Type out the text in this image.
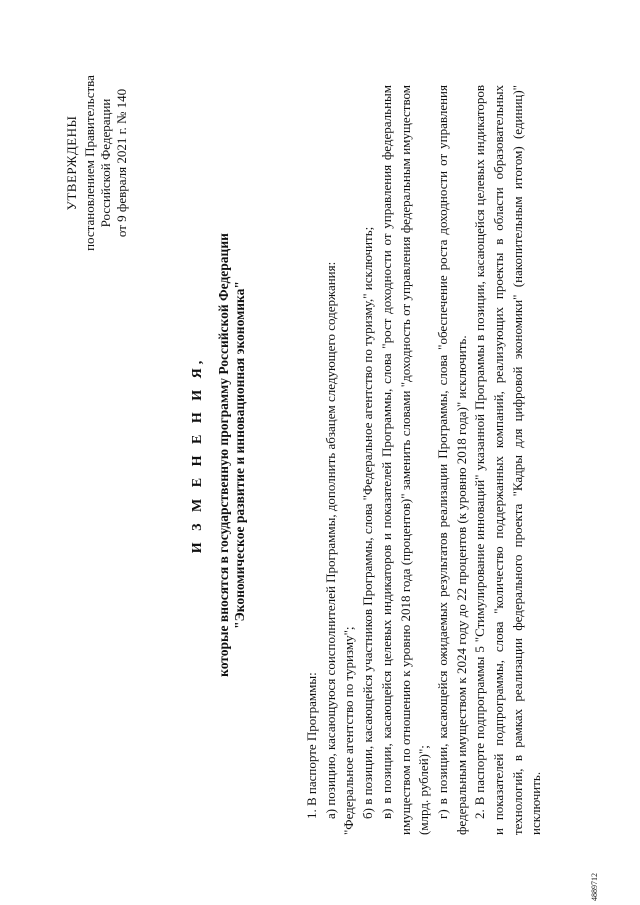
УТВЕРЖДЕНЫ постановлением Правительства Российской Федерации от 9 февраля 2021 г. № 140
И З М Е Н Е Н И Я, которые вносятся в государственную программу Российской Федерации "Экономическое развитие и инновационная экономика"

1. В паспорте Программы: а) позицию, касающуюся соисполнителей Программы, дополнить абзацем следующего содержания: "Федеральное агентство по туризму"; б) в позиции, касающейся участников Программы, слова "Федеральное агентство по туризму," исключить; в) в позиции, касающейся целевых индикаторов и показателей Программы, слова "рост доходности от управления федеральным имуществом по отношению к уровню 2018 года (процентов)" заменить словами "доходность от управления федеральным имуществом (млрд. рублей)"; г) в позиции, касающейся ожидаемых результатов реализации Программы, слова "обеспечение роста доходности от управления федеральным имуществом к 2024 году до 22 процентов (к уровню 2018 года)" исключить. 2. В паспорте подпрограммы 5 "Стимулирование инноваций" указанной Программы в позиции, касающейся целевых индикаторов и показателей подпрограммы, слова "количество поддержанных компаний, реализующих проекты в области образовательных технологий, в рамках реализации федерального проекта "Кадры для цифровой экономики" (накопительным итогом) (единиц)" исключить.

4889712
